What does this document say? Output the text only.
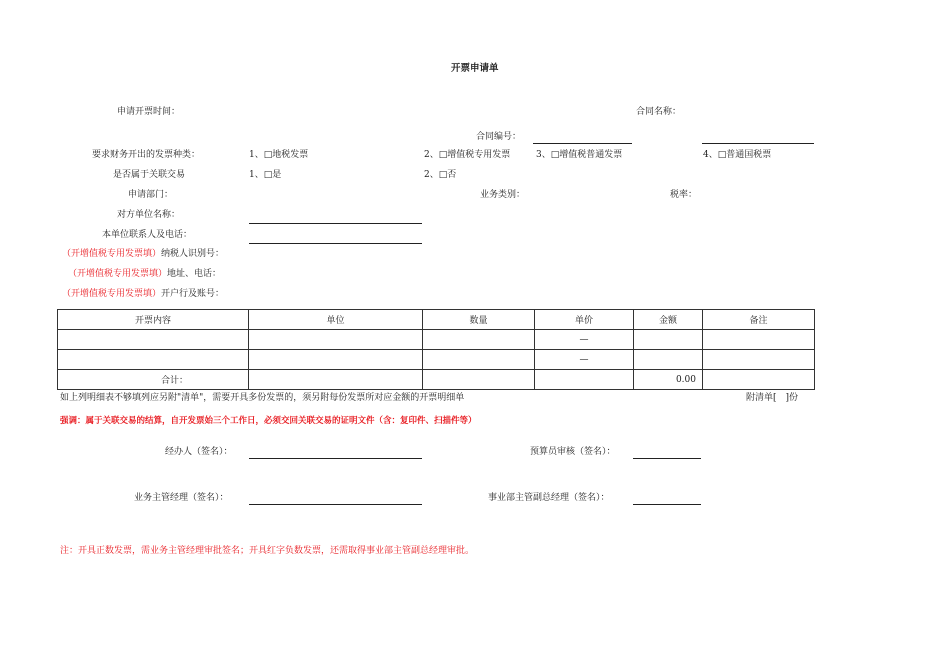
开票申请单
申请开票时间：	合同名称：
合同编号：
要求财务开出的发票种类：	1、□地税发票	2、□增值税专用发票	3、□增值税普通发票	4、□普通国税票
是否属于关联交易	1、□是	2、□否
申请部门：	业务类别：	税率：
对方单位名称：
本单位联系人及电话：
（开增值税专用发票填）纳税人识别号：
（开增值税专用发票填）地址、电话：
（开增值税专用发票填）开户行及账号：
开票内容	单位	数量	单价	金额	备注
			—		
			—		
合计：				0.00	
如上列明细表不够填列应另附"清单"，需要开具多份发票的，须另附每份发票所对应金额的开票明细单	附清单[　]份
强调：属于关联交易的结算，自开发票始三个工作日，必须交回关联交易的证明文件（含：复印件、扫描件等）
经办人（签名）：	预算员审核（签名）：
业务主管经理（签名）：	事业部主管副总经理（签名）：
注：开具正数发票，需业务主管经理审批签名；开具红字负数发票，还需取得事业部主管副总经理审批。
